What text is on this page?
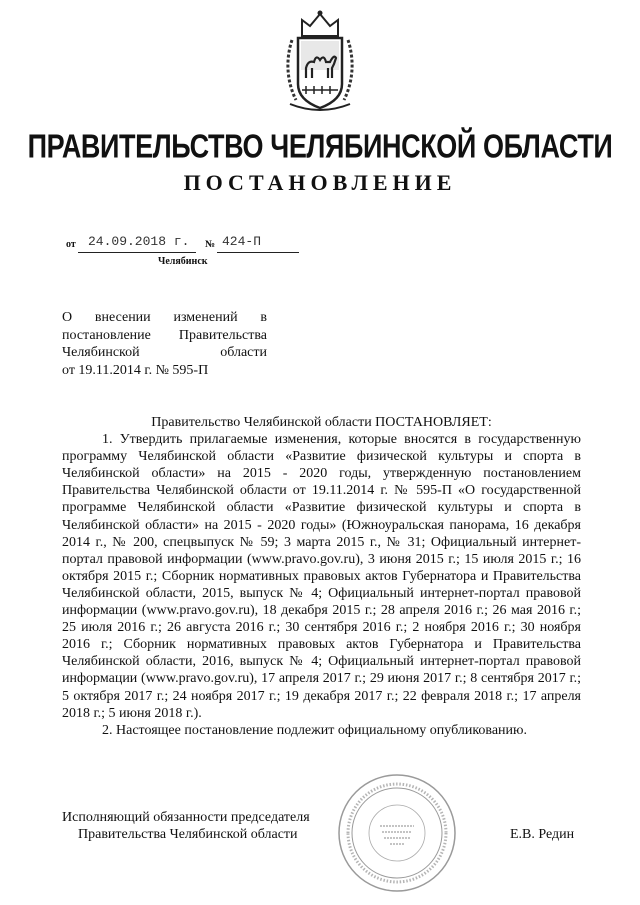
ПРАВИТЕЛЬСТВО ЧЕЛЯБИНСКОЙ ОБЛАСТИ
ПОСТАНОВЛЕНИЕ
от 24.09.2018 г. № 424-П
Челябинск
О внесении изменений в
постановление Правительства
Челябинской области
от 19.11.2014 г. № 595-П

Правительство Челябинской области ПОСТАНОВЛЯЕТ:

1. Утвердить прилагаемые изменения, которые вносятся в государственную программу Челябинской области «Развитие физической культуры и спорта в Челябинской области» на 2015 - 2020 годы, утвержденную постановлением Правительства Челябинской области от 19.11.2014 г. № 595-П «О государственной программе Челябинской области «Развитие физической культуры и спорта в Челябинской области» на 2015 - 2020 годы» (Южноуральская панорама, 16 декабря 2014 г., № 200, спецвыпуск № 59; 3 марта 2015 г., № 31; Официальный интернет-портал правовой информации (www.pravo.gov.ru), 3 июня 2015 г.; 15 июля 2015 г.; 16 октября 2015 г.; Сборник нормативных правовых актов Губернатора и Правительства Челябинской области, 2015, выпуск № 4; Официальный интернет-портал правовой информации (www.pravo.gov.ru), 18 декабря 2015 г.; 28 апреля 2016 г.; 26 мая 2016 г.; 25 июля 2016 г.; 26 августа 2016 г.; 30 сентября 2016 г.; 2 ноября 2016 г.; 30 ноября 2016 г.; Сборник нормативных правовых актов Губернатора и Правительства Челябинской области, 2016, выпуск № 4; Официальный интернет-портал правовой информации (www.pravo.gov.ru), 17 апреля 2017 г.; 29 июня 2017 г.; 8 сентября 2017 г.; 5 октября 2017 г.; 24 ноября 2017 г.; 19 декабря 2017 г.; 22 февраля 2018 г.; 17 апреля 2018 г.; 5 июня 2018 г.).

2. Настоящее постановление подлежит официальному опубликованию.

Исполняющий обязанности председателя
Правительства Челябинской области	Е.В. Редин
